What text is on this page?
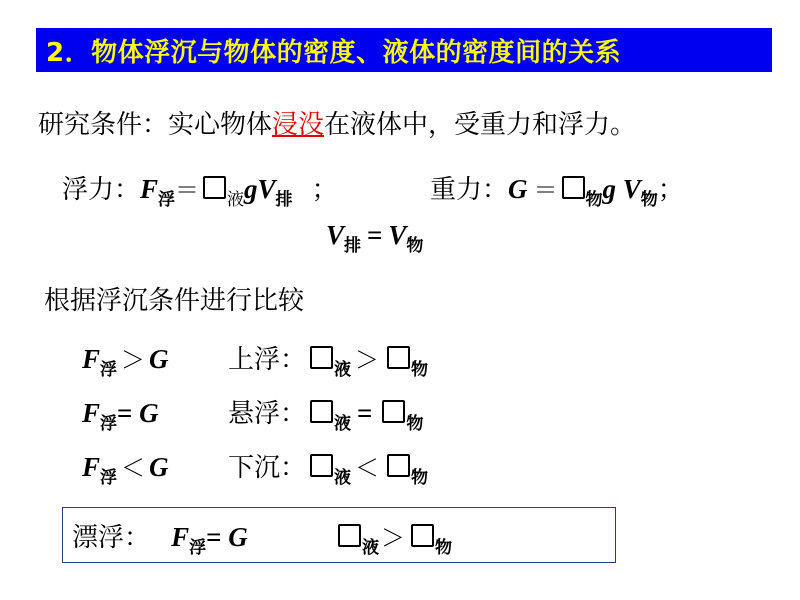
2．物体浮沉与物体的密度、液体的密度间的关系
研究条件：实心物体浸没在液体中，受重力和浮力。
浮力：$F_浮= _液gV_排$ ；	重力：G ＝ $_物$g $V_物$；
$V_排 = V_物$
根据浮沉条件进行比较
$F_浮 > G$ 上浮： $_液$ ＞ $_物$
$F_浮= G$	悬浮： $_液$ = $_物$
$F_浮 < G$ 下沉： $_液$ ＜ $_物$
漂浮： $F_浮= G$	$_液$＞ $_物$
